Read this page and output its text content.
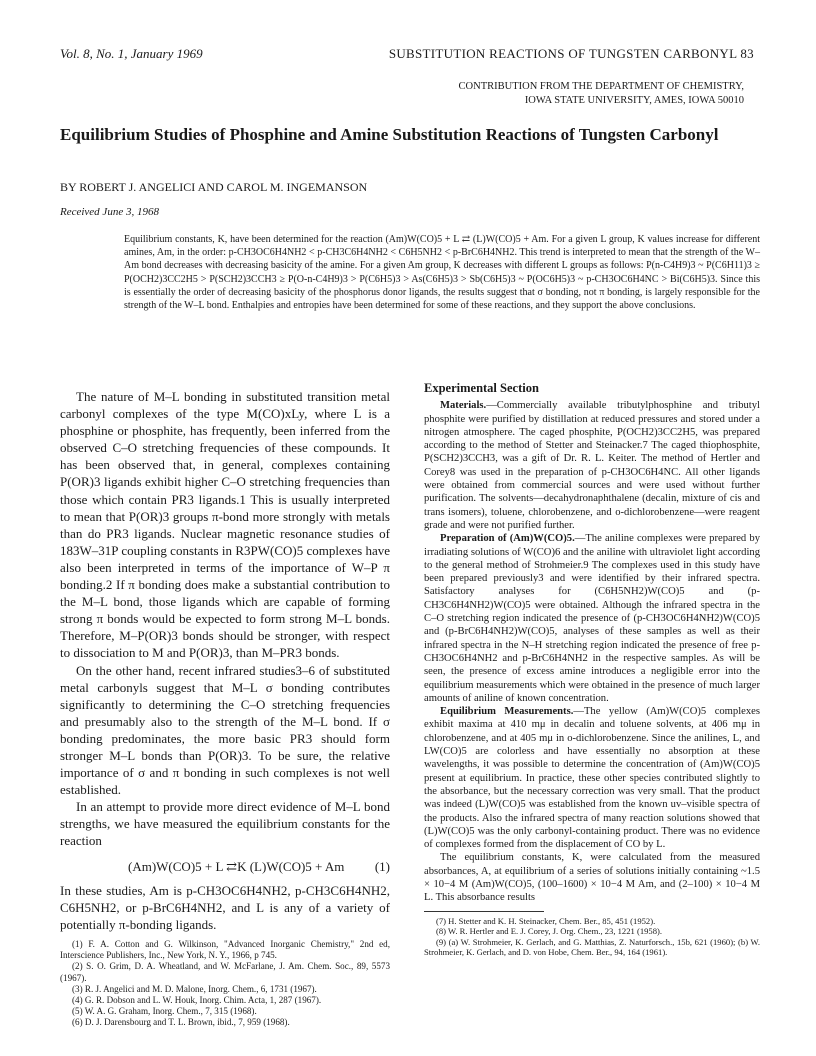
Vol. 8, No. 1, January 1969	SUBSTITUTION REACTIONS OF TUNGSTEN CARBONYL 83
CONTRIBUTION FROM THE DEPARTMENT OF CHEMISTRY,
IOWA STATE UNIVERSITY, AMES, IOWA 50010
Equilibrium Studies of Phosphine and Amine Substitution Reactions of Tungsten Carbonyl
BY ROBERT J. ANGELICI AND CAROL M. INGEMANSON
Received June 3, 1968
Equilibrium constants, K, have been determined for the reaction (Am)W(CO)5 + L ⇄ (L)W(CO)5 + Am. For a given L group, K values increase for different amines, Am, in the order: p-CH3OC6H4NH2 < p-CH3C6H4NH2 < C6H5NH2 < p-BrC6H4NH2. This trend is interpreted to mean that the strength of the W–Am bond decreases with decreasing basicity of the amine. For a given Am group, K decreases with different L groups as follows: P(n-C4H9)3 ~ P(C6H11)3 ≥ P(OCH2)3CC2H5 > P(SCH2)3CCH3 ≥ P(O-n-C4H9)3 > P(C6H5)3 > As(C6H5)3 > Sb(C6H5)3 ~ P(OC6H5)3 ~ p-CH3OC6H4NC > Bi(C6H5)3. Since this is essentially the order of decreasing basicity of the phosphorus donor ligands, the results suggest that σ bonding, not π bonding, is largely responsible for the strength of the W–L bond. Enthalpies and entropies have been determined for some of these reactions, and they support the above conclusions.

The nature of M–L bonding in substituted transition metal carbonyl complexes of the type M(CO)xLy, where L is a phosphine or phosphite, has frequently, been inferred from the observed C–O stretching frequencies of these compounds. It has been observed that, in general, complexes containing P(OR)3 ligands exhibit higher C–O stretching frequencies than those which contain PR3 ligands.1 This is usually interpreted to mean that P(OR)3 groups π-bond more strongly with metals than do PR3 ligands. Nuclear magnetic resonance studies of 183W–31P coupling constants in R3PW(CO)5 complexes have also been interpreted in terms of the importance of W–P π bonding.2 If π bonding does make a substantial contribution to the M–L bond, those ligands which are capable of forming strong π bonds would be expected to form strong M–L bonds. Therefore, M–P(OR)3 bonds should be stronger, with respect to dissociation to M and P(OR)3, than M–PR3 bonds.

On the other hand, recent infrared studies3–6 of substituted metal carbonyls suggest that M–L σ bonding contributes significantly to determining the C–O stretching frequencies and presumably also to the strength of the M–L bond. If σ bonding predominates, the more basic PR3 should form stronger M–L bonds than P(OR)3. To be sure, the relative importance of σ and π bonding in such complexes is not well established.

In an attempt to provide more direct evidence of M–L bond strengths, we have measured the equilibrium constants for the reaction

(Am)W(CO)5 + L ⇄K (L)W(CO)5 + Am (1)

In these studies, Am is p-CH3OC6H4NH2, p-CH3C6H4NH2, C6H5NH2, or p-BrC6H4NH2, and L is any of a variety of potentially π-bonding ligands.

(1) F. A. Cotton and G. Wilkinson, "Advanced Inorganic Chemistry," 2nd ed, Interscience Publishers, Inc., New York, N. Y., 1966, p 745.

(2) S. O. Grim, D. A. Wheatland, and W. McFarlane, J. Am. Chem. Soc., 89, 5573 (1967).

(3) R. J. Angelici and M. D. Malone, Inorg. Chem., 6, 1731 (1967).

(4) G. R. Dobson and L. W. Houk, Inorg. Chim. Acta, 1, 287 (1967).

(5) W. A. G. Graham, Inorg. Chem., 7, 315 (1968).

(6) D. J. Darensbourg and T. L. Brown, ibid., 7, 959 (1968).

Experimental Section

Materials.—Commercially available tributylphosphine and tributyl phosphite were purified by distillation at reduced pressures and stored under a nitrogen atmosphere. The caged phosphite, P(OCH2)3CC2H5, was prepared according to the method of Stetter and Steinacker.7 The caged thiophosphite, P(SCH2)3CCH3, was a gift of Dr. R. L. Keiter. The method of Hertler and Corey8 was used in the preparation of p-CH3OC6H4NC. All other ligands were obtained from commercial sources and were used without further purification. The solvents—decahydronaphthalene (decalin, mixture of cis and trans isomers), toluene, chlorobenzene, and o-dichlorobenzene—were reagent grade and were not purified further.

Preparation of (Am)W(CO)5.—The aniline complexes were prepared by irradiating solutions of W(CO)6 and the aniline with ultraviolet light according to the general method of Strohmeier.9 The complexes used in this study have been prepared previously3 and were identified by their infrared spectra. Satisfactory analyses for (C6H5NH2)W(CO)5 and (p-CH3C6H4NH2)W(CO)5 were obtained. Although the infrared spectra in the C–O stretching region indicated the presence of (p-CH3OC6H4NH2)W(CO)5 and (p-BrC6H4NH2)W(CO)5, analyses of these samples as well as their infrared spectra in the N–H stretching region indicated the presence of free p-CH3OC6H4NH2 and p-BrC6H4NH2 in the respective samples. As will be seen, the presence of excess amine introduces a negligible error into the equilibrium measurements which were obtained in the presence of much larger amounts of aniline of known concentration.

Equilibrium Measurements.—The yellow (Am)W(CO)5 complexes exhibit maxima at 410 mμ in decalin and toluene solvents, at 406 mμ in chlorobenzene, and at 405 mμ in o-dichlorobenzene. Since the anilines, L, and LW(CO)5 are colorless and have essentially no absorption at these wavelengths, it was possible to determine the concentration of (Am)W(CO)5 present at equilibrium. In practice, these other species contributed slightly to the absorbance, but the necessary correction was very small. That the product was indeed (L)W(CO)5 was established from the known uv–visible spectra of the products. Also the infrared spectra of many reaction solutions showed that (L)W(CO)5 was the only carbonyl-containing product. There was no evidence of complexes formed from the displacement of CO by L.

The equilibrium constants, K, were calculated from the measured absorbances, A, at equilibrium of a series of solutions initially containing ~1.5 × 10−4 M (Am)W(CO)5, (100–1600) × 10−4 M Am, and (2–100) × 10−4 M L. This absorbance results

(7) H. Stetter and K. H. Steinacker, Chem. Ber., 85, 451 (1952).

(8) W. R. Hertler and E. J. Corey, J. Org. Chem., 23, 1221 (1958).

(9) (a) W. Strohmeier, K. Gerlach, and G. Matthias, Z. Naturforsch., 15b, 621 (1960); (b) W. Strohmeier, K. Gerlach, and D. von Hobe, Chem. Ber., 94, 164 (1961).
